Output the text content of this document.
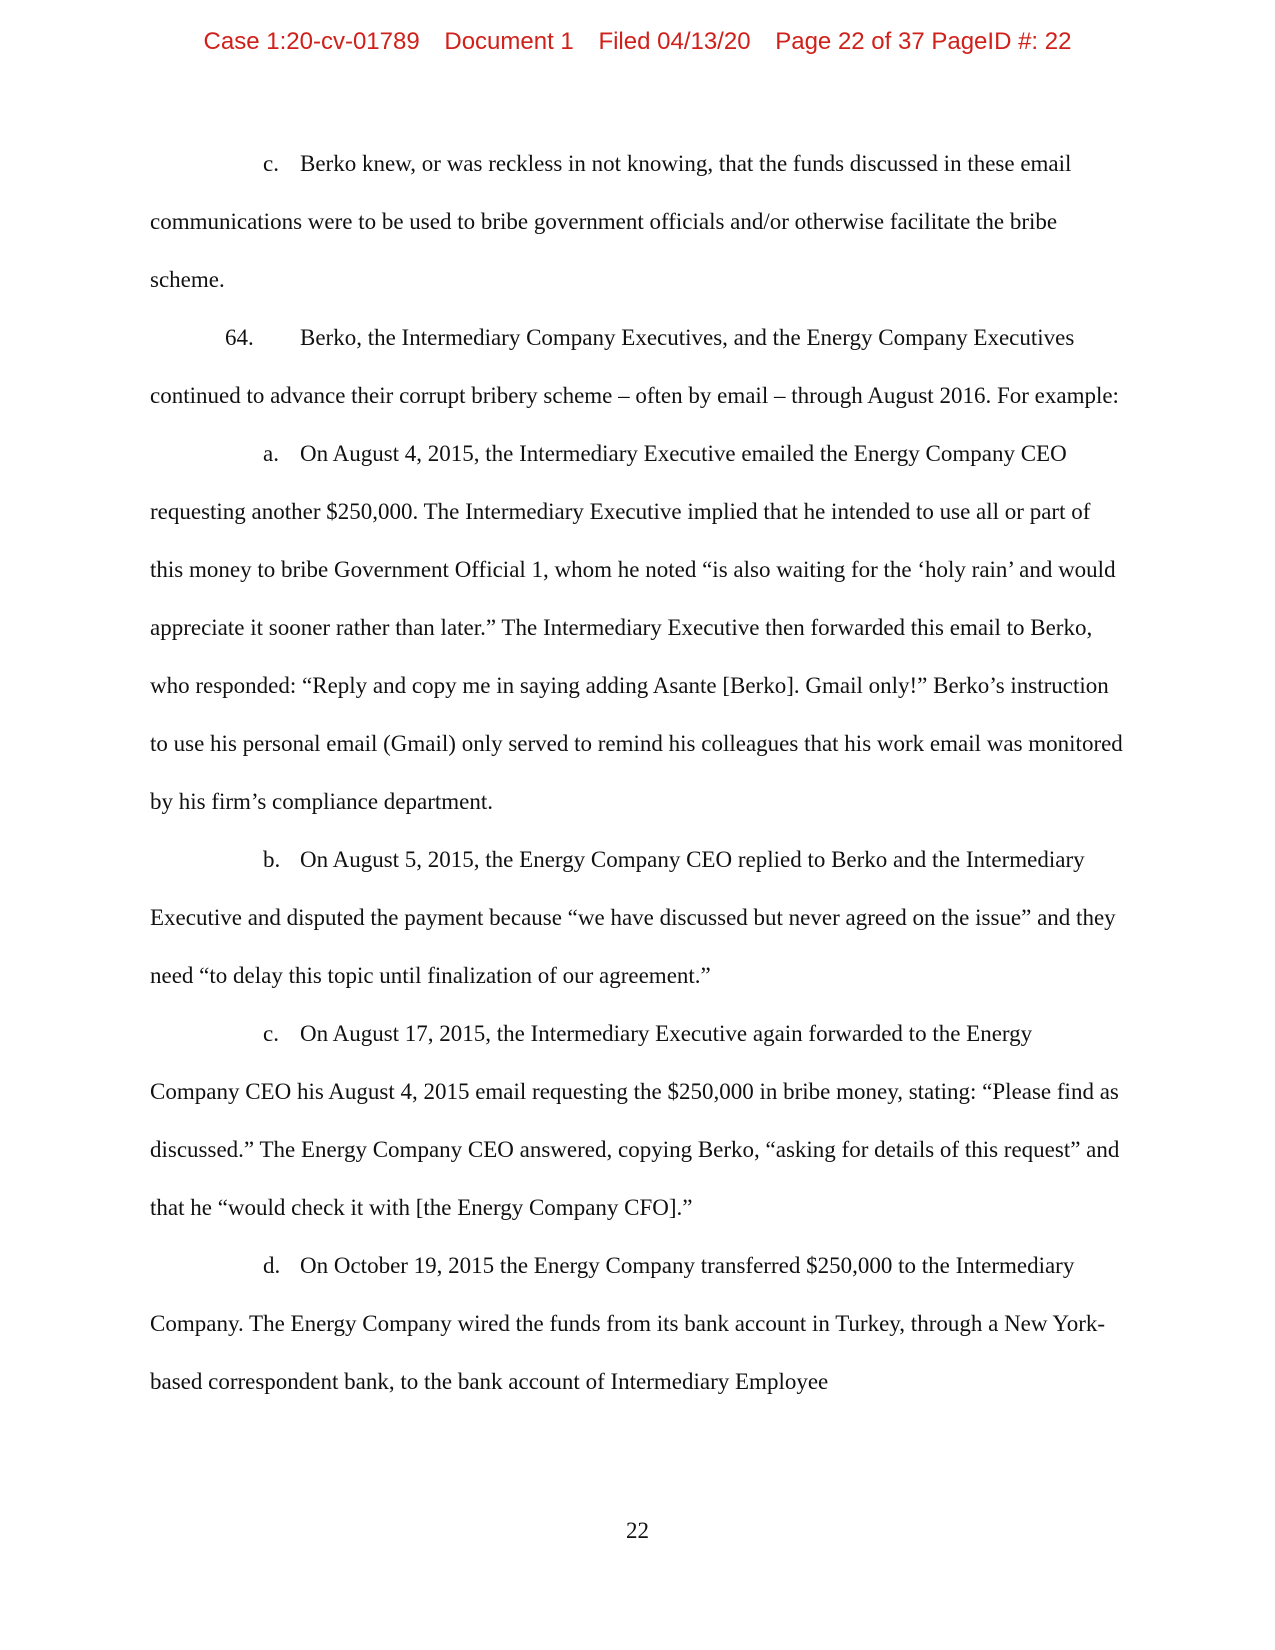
Case 1:20-cv-01789 Document 1 Filed 04/13/20 Page 22 of 37 PageID #: 22

c. Berko knew, or was reckless in not knowing, that the funds discussed in these email communications were to be used to bribe government officials and/or otherwise facilitate the bribe scheme.

64. Berko, the Intermediary Company Executives, and the Energy Company Executives continued to advance their corrupt bribery scheme – often by email – through August 2016. For example:

a. On August 4, 2015, the Intermediary Executive emailed the Energy Company CEO requesting another $250,000. The Intermediary Executive implied that he intended to use all or part of this money to bribe Government Official 1, whom he noted “is also waiting for the ‘holy rain’ and would appreciate it sooner rather than later.” The Intermediary Executive then forwarded this email to Berko, who responded: “Reply and copy me in saying adding Asante [Berko]. Gmail only!” Berko’s instruction to use his personal email (Gmail) only served to remind his colleagues that his work email was monitored by his firm’s compliance department.

b. On August 5, 2015, the Energy Company CEO replied to Berko and the Intermediary Executive and disputed the payment because “we have discussed but never agreed on the issue” and they need “to delay this topic until finalization of our agreement.”

c. On August 17, 2015, the Intermediary Executive again forwarded to the Energy Company CEO his August 4, 2015 email requesting the $250,000 in bribe money, stating: “Please find as discussed.” The Energy Company CEO answered, copying Berko, “asking for details of this request” and that he “would check it with [the Energy Company CFO].”

d. On October 19, 2015 the Energy Company transferred $250,000 to the Intermediary Company. The Energy Company wired the funds from its bank account in Turkey, through a New York-based correspondent bank, to the bank account of Intermediary Employee

22
